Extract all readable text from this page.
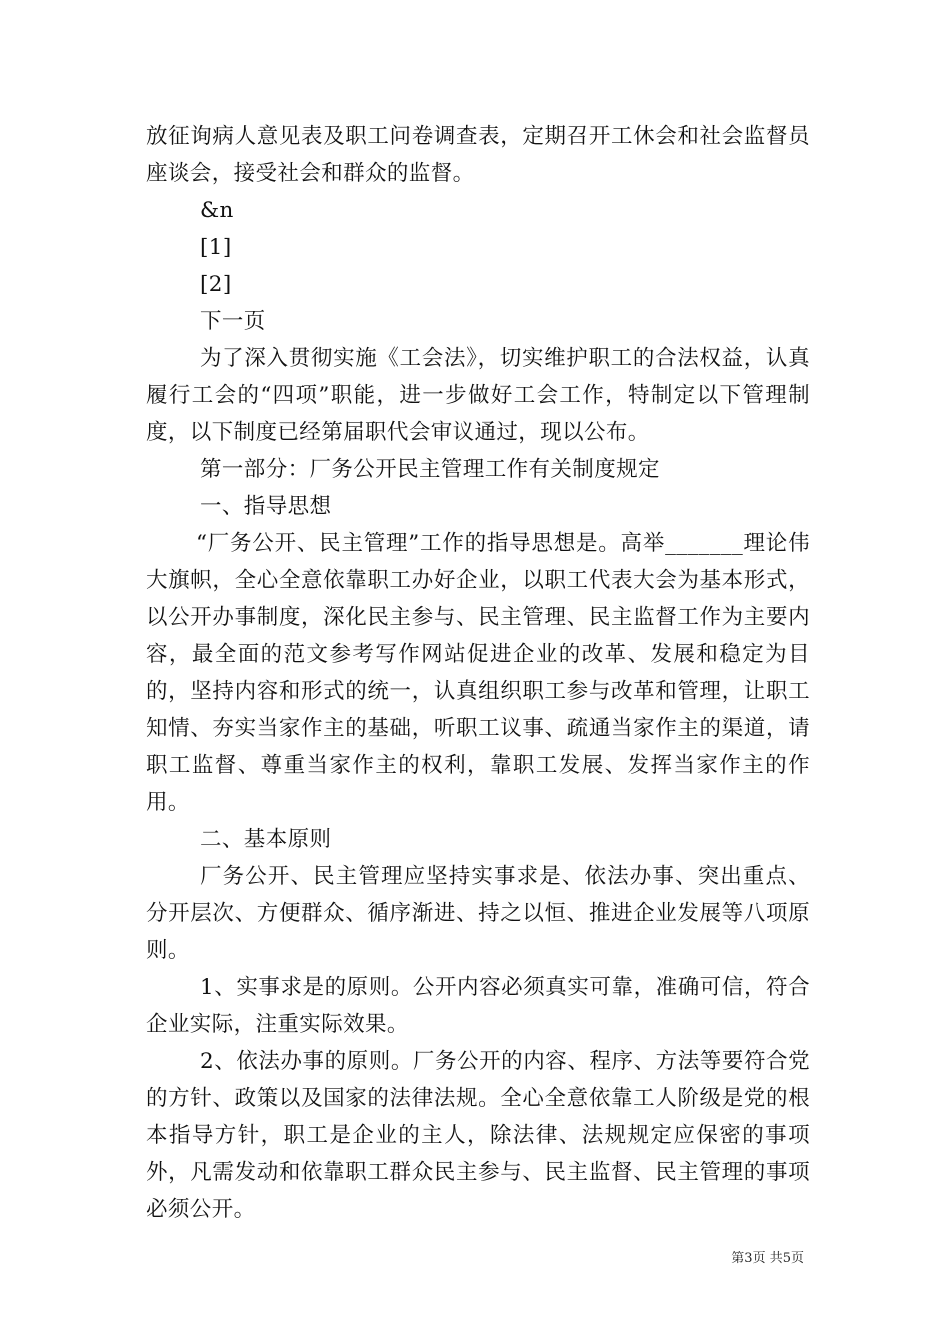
放征询病人意见表及职工问卷调查表，定期召开工休会和社会监督员座谈会，接受社会和群众的监督。

&n

[1]

[2]

下一页

为了深入贯彻实施《工会法》，切实维护职工的合法权益，认真履行工会的“四项”职能，进一步做好工会工作，特制定以下管理制度，以下制度已经第届职代会审议通过，现以公布。

第一部分：厂务公开民主管理工作有关制度规定

一、指导思想

“厂务公开、民主管理”工作的指导思想是。高举_______理论伟大旗帜，全心全意依靠职工办好企业，以职工代表大会为基本形式，以公开办事制度，深化民主参与、民主管理、民主监督工作为主要内容，最全面的范文参考写作网站促进企业的改革、发展和稳定为目的，坚持内容和形式的统一，认真组织职工参与改革和管理，让职工知情、夯实当家作主的基础，听职工议事、疏通当家作主的渠道，请职工监督、尊重当家作主的权利，靠职工发展、发挥当家作主的作用。

二、基本原则

厂务公开、民主管理应坚持实事求是、依法办事、突出重点、分开层次、方便群众、循序渐进、持之以恒、推进企业发展等八项原则。

1、实事求是的原则。公开内容必须真实可靠，准确可信，符合企业实际，注重实际效果。

2、依法办事的原则。厂务公开的内容、程序、方法等要符合党的方针、政策以及国家的法律法规。全心全意依靠工人阶级是党的根本指导方针，职工是企业的主人，除法律、法规规定应保密的事项外，凡需发动和依靠职工群众民主参与、民主监督、民主管理的事项必须公开。

第3页 共5页
